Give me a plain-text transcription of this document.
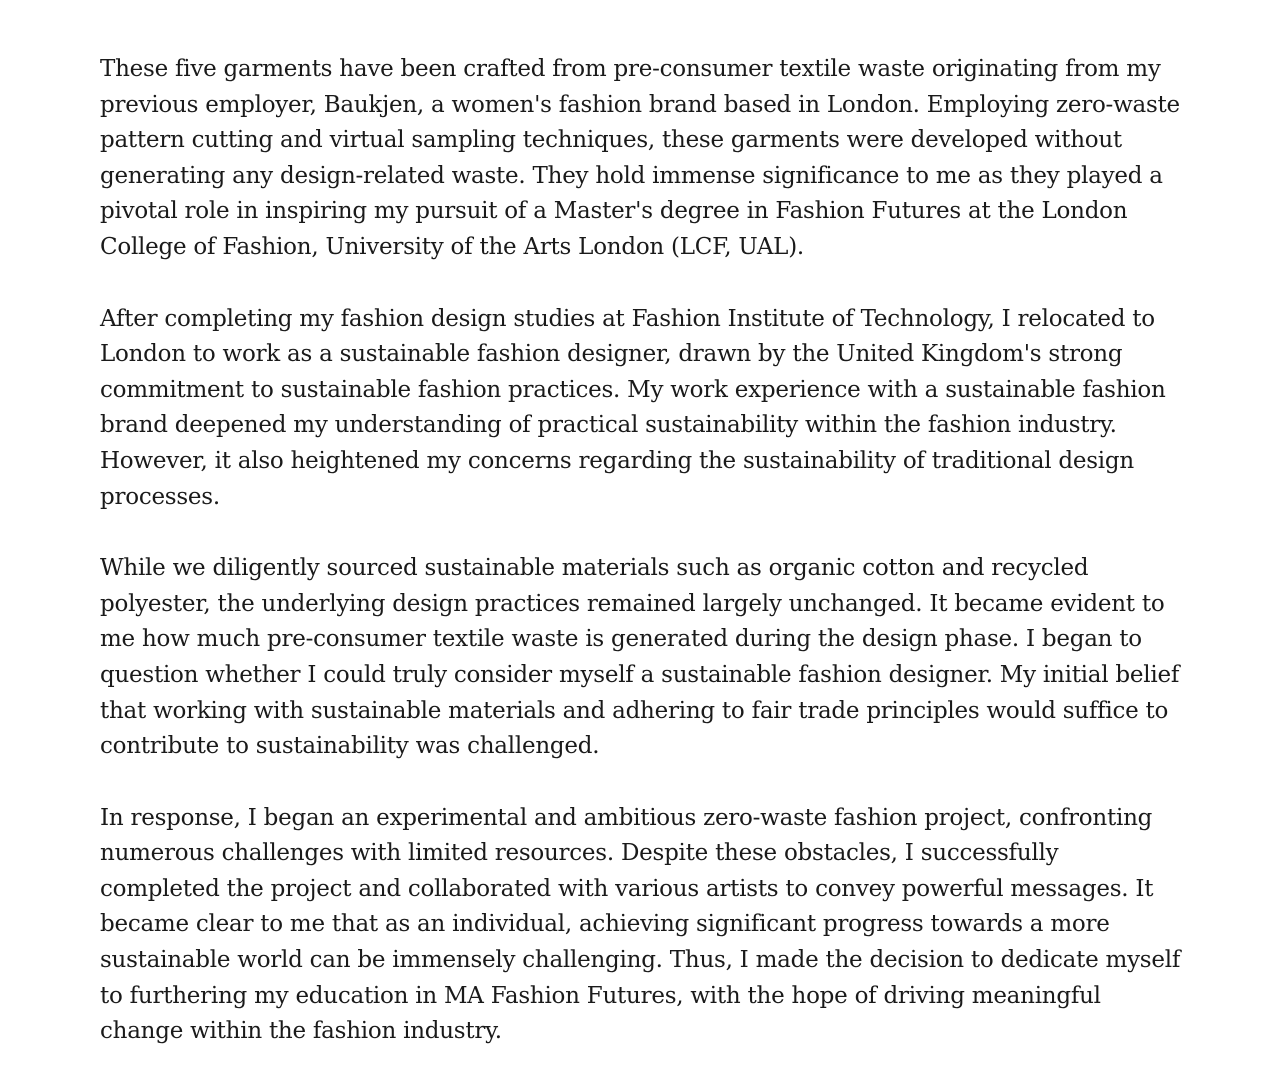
These five garments have been crafted from pre-consumer textile waste originating from my previous employer, Baukjen, a women's fashion brand based in London. Employing zero-waste pattern cutting and virtual sampling techniques, these garments were developed without generating any design-related waste. They hold immense significance to me as they played a pivotal role in inspiring my pursuit of a Master's degree in Fashion Futures at the London College of Fashion, University of the Arts London (LCF, UAL).

After completing my fashion design studies at Fashion Institute of Technology, I relocated to London to work as a sustainable fashion designer, drawn by the United Kingdom's strong commitment to sustainable fashion practices. My work experience with a sustainable fashion brand deepened my understanding of practical sustainability within the fashion industry. However, it also heightened my concerns regarding the sustainability of traditional design processes.

While we diligently sourced sustainable materials such as organic cotton and recycled polyester, the underlying design practices remained largely unchanged. It became evident to me how much pre-consumer textile waste is generated during the design phase. I began to question whether I could truly consider myself a sustainable fashion designer. My initial belief that working with sustainable materials and adhering to fair trade principles would suffice to contribute to sustainability was challenged.

In response, I began an experimental and ambitious zero-waste fashion project, confronting numerous challenges with limited resources. Despite these obstacles, I successfully completed the project and collaborated with various artists to convey powerful messages. It became clear to me that as an individual, achieving significant progress towards a more sustainable world can be immensely challenging. Thus, I made the decision to dedicate myself to furthering my education in MA Fashion Futures, with the hope of driving meaningful change within the fashion industry.
